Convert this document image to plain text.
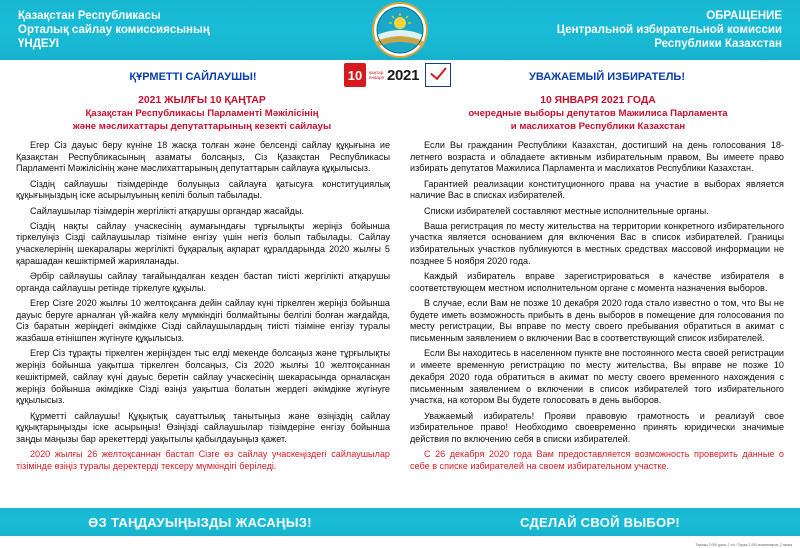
Қазақстан Республикасы
Орталық сайлау комиссиясының
ҮНДЕУІ
ОБРАЩЕНИЕ
Центральной избирательной комиссии
Республики Казахстан
ҚҰРМЕТТІ САЙЛАУШЫ!	10 қаңтар
января 2021	УВАЖАЕМЫЙ ИЗБИРАТЕЛЬ!
2021 ЖЫЛҒЫ 10 ҚАҢТАР
Қазақстан Республикасы Парламенті Мәжілісінің
және мәслихаттары депутаттарының кезекті сайлауы
10 ЯНВАРЯ 2021 ГОДА
очередные выборы депутатов Мажилиса Парламента
и маслихатов Республики Казахстан

Егер Сіз дауыс беру күніне 18 жасқа толған және белсенді сайлау құқығына ие Қазақстан Республикасының азаматы болсаңыз, Сіз Қазақстан Республикасы Парламенті Мәжілісінің және мәслихаттарының депутаттарын сайлауға құқылысыз.

Сіздің сайлаушы тізімдерінде болуыңыз сайлауға қатысуға конституциялық құқығыңыздың іске асырылуының кепілі болып табылады.

Сайлаушылар тізімдерін жергілікті атқарушы органдар жасайды.

Сіздің нақты сайлау учаскесінің аумағындағы тұрғылықты жеріңіз бойынша тіркелуіңіз Сізді сайлаушылар тізіміне енгізу үшін негіз болып табылады. Сайлау учаскелерінің шекаралары жергілікті бұқаралық ақпарат құралдарында 2020 жылғы 5 қарашадан кешіктірмей жарияланады.

Әрбір сайлаушы сайлау тағайындалған кезден бастап тиісті жергілікті атқарушы органда сайлаушы ретінде тіркелуге құқылы.

Егер Сізге 2020 жылғы 10 желтоқсанға дейін сайлау күні тіркелген жеріңіз бойынша дауыс беруге арналған үй-жайға келу мүмкіндігі болмайтыны белгілі болған жағдайда, Сіз баратын жеріңдегі әкімдікке Сізді сайлаушылардың тиісті тізіміне енгізу туралы жазбаша өтінішпен жүгінуге құқылысыз.

Егер Сіз тұрақты тіркелген жеріңізден тыс елді мекенде болсаңыз және тұрғылықты жеріңіз бойынша уақытша тіркелген болсаңыз, Сіз 2020 жылғы 10 желтоқсаннан кешіктірмей, сайлау күні дауыс беретін сайлау учаскесінің шекарасында орналасқан жеріңіз бойынша әкімдікке Сізді өзіңіз уақытша болатын жердегі әкімдікке жүгінуге құқылысыз.

Құрметті сайлаушы! Құқықтық сауаттылық танытыңыз және өзіңіздің сайлау құқықтарыңызды іске асырыңыз! Өзіңізді сайлаушылар тізімдеріне енгізу бойынша заңды маңызы бар әрекеттерді уақытылы қабылдауыңыз қажет.

2020 жылғы 26 желтоқсаннан бастап Сізге өз сайлау учаскеңіздегі сайлаушылар тізімінде өзіңіз туралы деректерді тексеру мүмкіндігі беріледі.

Если Вы гражданин Республики Казахстан, достигший на день голосования 18-летнего возраста и обладаете активным избирательным правом, Вы имеете право избирать депутатов Мажилиса Парламента и маслихатов Республики Казахстан.

Гарантией реализации конституционного права на участие в выборах является наличие Вас в списках избирателей.

Списки избирателей составляют местные исполнительные органы.

Ваша регистрация по месту жительства на территории конкретного избирательного участка является основанием для включения Вас в список избирателей. Границы избирательных участков публикуются в местных средствах массовой информации не позднее 5 ноября 2020 года.

Каждый избиратель вправе зарегистрироваться в качестве избирателя в соответствующем местном исполнительном органе с момента назначения выборов.

В случае, если Вам не позже 10 декабря 2020 года стало известно о том, что Вы не будете иметь возможность прибыть в день выборов в помещение для голосования по месту регистрации, Вы вправе по месту своего пребывания обратиться в акимат с письменным заявлением о включении Вас в соответствующий список избирателей.

Если Вы находитесь в населенном пункте вне постоянного места своей регистрации и имеете временную регистрацию по месту жительства, Вы вправе не позже 10 декабря 2020 года обратиться в акимат по месту своего временного нахождения с письменным заявлением о включении в список избирателей того избирательного участка, на котором Вы будете голосовать в день выборов.

Уважаемый избиратель! Прояви правовую грамотность и реализуй свое избирательное право! Необходимо своевременно принять юридически значимые действия по включению себя в списки избирателей.

С 26 декабря 2020 года Вам предоставляется возможность проверить данные о себе в списке избирателей на своем избирательном участке.

ӨЗ ТАҢДАУЫҢЫЗДЫ ЖАСАҢЫЗ!	СДЕЛАЙ СВОЙ ВЫБОР!
Тиражы 2 000 дана, 2 тіл / Тираж 2 000 экземпляров, 2 языка
